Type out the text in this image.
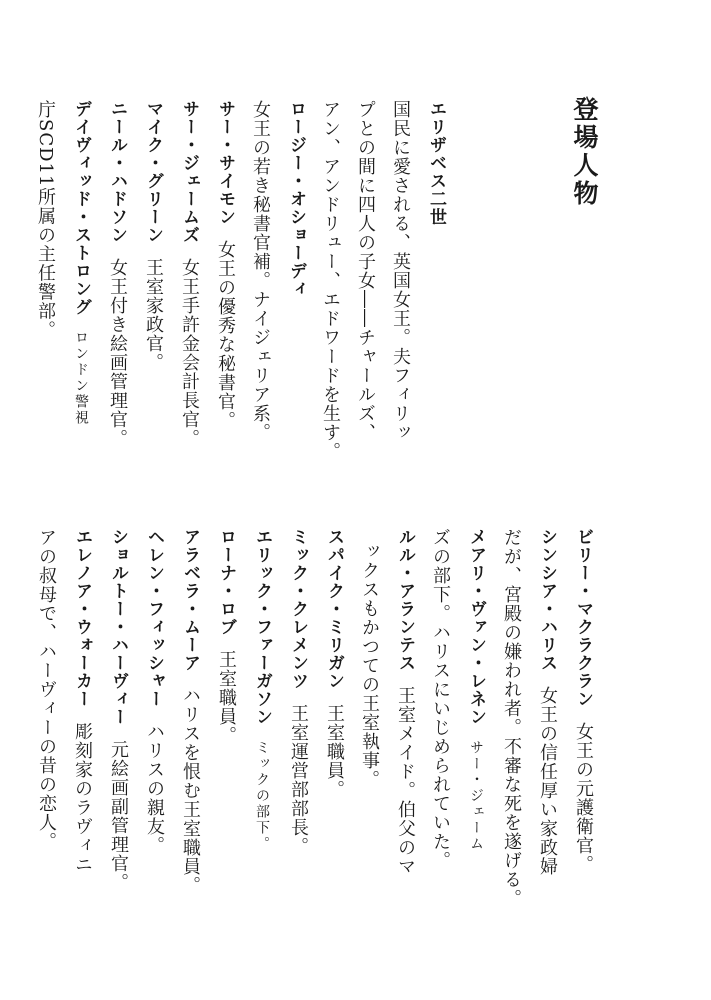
登場人物
エリザベス二世
国民に愛される、英国女王。夫フィリッ
プとの間に四人の子女――チャールズ、
アン、アンドリュー、エドワードを生す。
ロージー・オショーディ
女王の若き秘書官補。ナイジェリア系。
サー・サイモン女王の優秀な秘書官。
サー・ジェームズ女王手許金会計長官。
マイク・グリーン王室家政官。
ニール・ハドソン女王付き絵画管理官。
デイヴィッド・ストロングロンドン警視
庁SCD11所属の主任警部。
ビリー・マクラクラン女王の元護衛官。
シンシア・ハリス女王の信任厚い家政婦
だが、宮殿の嫌われ者。不審な死を遂げる。
メアリ・ヴァン・レネンサー・ジェーム
ズの部下。ハリスにいじめられていた。
ルル・アランテス王室メイド。伯父のマ
ックスもかつての王室執事。
スパイク・ミリガン王室職員。
ミック・クレメンツ王室運営部部長。
エリック・ファーガソンミックの部下。
ローナ・ロブ王室職員。
アラベラ・ムーアハリスを恨む王室職員。
ヘレン・フィッシャーハリスの親友。
ショルトー・ハーヴィー元絵画副管理官。
エレノア・ウォーカー彫刻家のラヴィニ
アの叔母で、ハーヴィーの昔の恋人。
